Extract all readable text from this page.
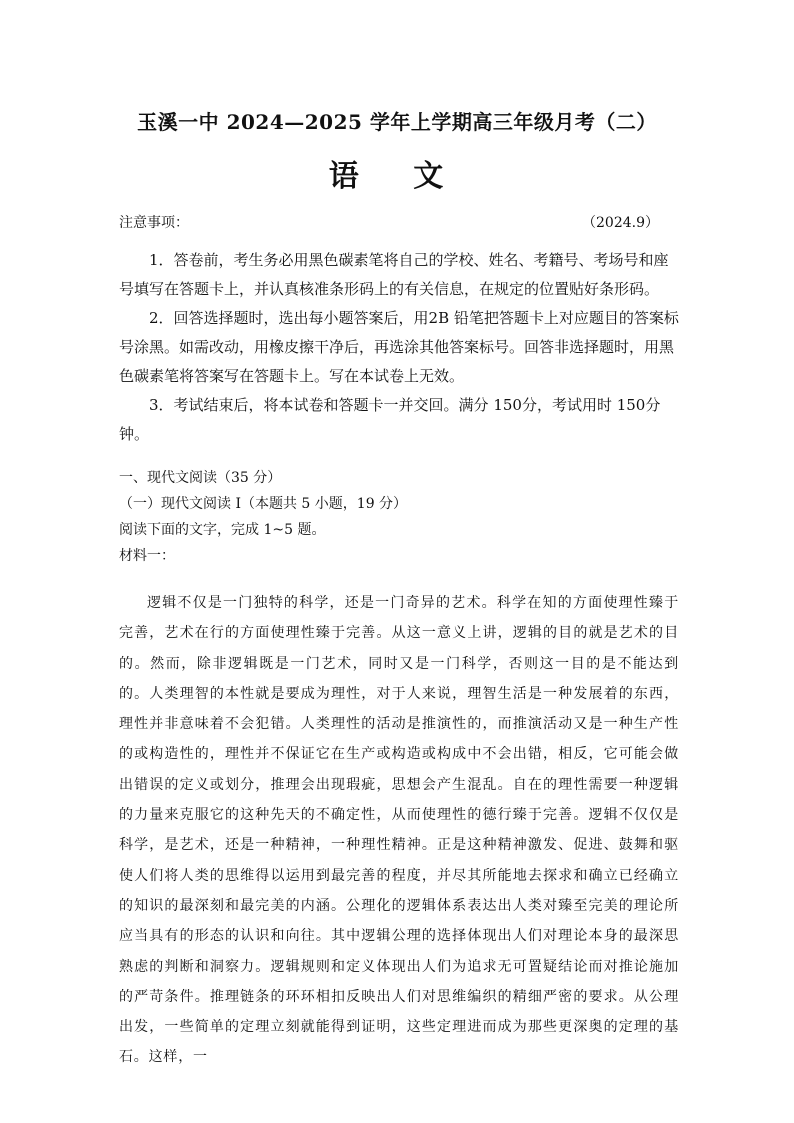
玉溪一中 2024—2025 学年上学期高三年级月考（二）
语 文
注意事项：	（2024.9）

1．答卷前，考生务必用黑色碳素笔将自己的学校、姓名、考籍号、考场号和座号填写在答题卡上，并认真核准条形码上的有关信息，在规定的位置贴好条形码。

2．回答选择题时，选出每小题答案后，用2B 铅笔把答题卡上对应题目的答案标号涂黑。如需改动，用橡皮擦干净后，再选涂其他答案标号。回答非选择题时，用黑色碳素笔将答案写在答题卡上。写在本试卷上无效。

3．考试结束后，将本试卷和答题卡一并交回。满分 150分，考试用时 150分钟。

一、现代文阅读（35 分）

（一）现代文阅读 I（本题共 5 小题，19 分）

阅读下面的文字，完成 1~5 题。

材料一：

逻辑不仅是一门独特的科学，还是一门奇异的艺术。科学在知的方面使理性臻于完善，艺术在行的方面使理性臻于完善。从这一意义上讲，逻辑的目的就是艺术的目的。然而，除非逻辑既是一门艺术，同时又是一门科学，否则这一目的是不能达到的。人类理智的本性就是要成为理性，对于人来说，理智生活是一种发展着的东西，理性并非意味着不会犯错。人类理性的活动是推演性的，而推演活动又是一种生产性的或构造性的，理性并不保证它在生产或构造或构成中不会出错，相反，它可能会做出错误的定义或划分，推理会出现瑕疵，思想会产生混乱。自在的理性需要一种逻辑的力量来克服它的这种先天的不确定性，从而使理性的德行臻于完善。逻辑不仅仅是科学，是艺术，还是一种精神，一种理性精神。正是这种精神激发、促进、鼓舞和驱使人们将人类的思维得以运用到最完善的程度，并尽其所能地去探求和确立已经确立的知识的最深刻和最完美的内涵。公理化的逻辑体系表达出人类对臻至完美的理论所应当具有的形态的认识和向往。其中逻辑公理的选择体现出人们对理论本身的最深思熟虑的判断和洞察力。逻辑规则和定义体现出人们为追求无可置疑结论而对推论施加的严苛条件。推理链条的环环相扣反映出人们对思维编织的精细严密的要求。从公理出发，一些简单的定理立刻就能得到证明，这些定理进而成为那些更深奥的定理的基石。这样，一
